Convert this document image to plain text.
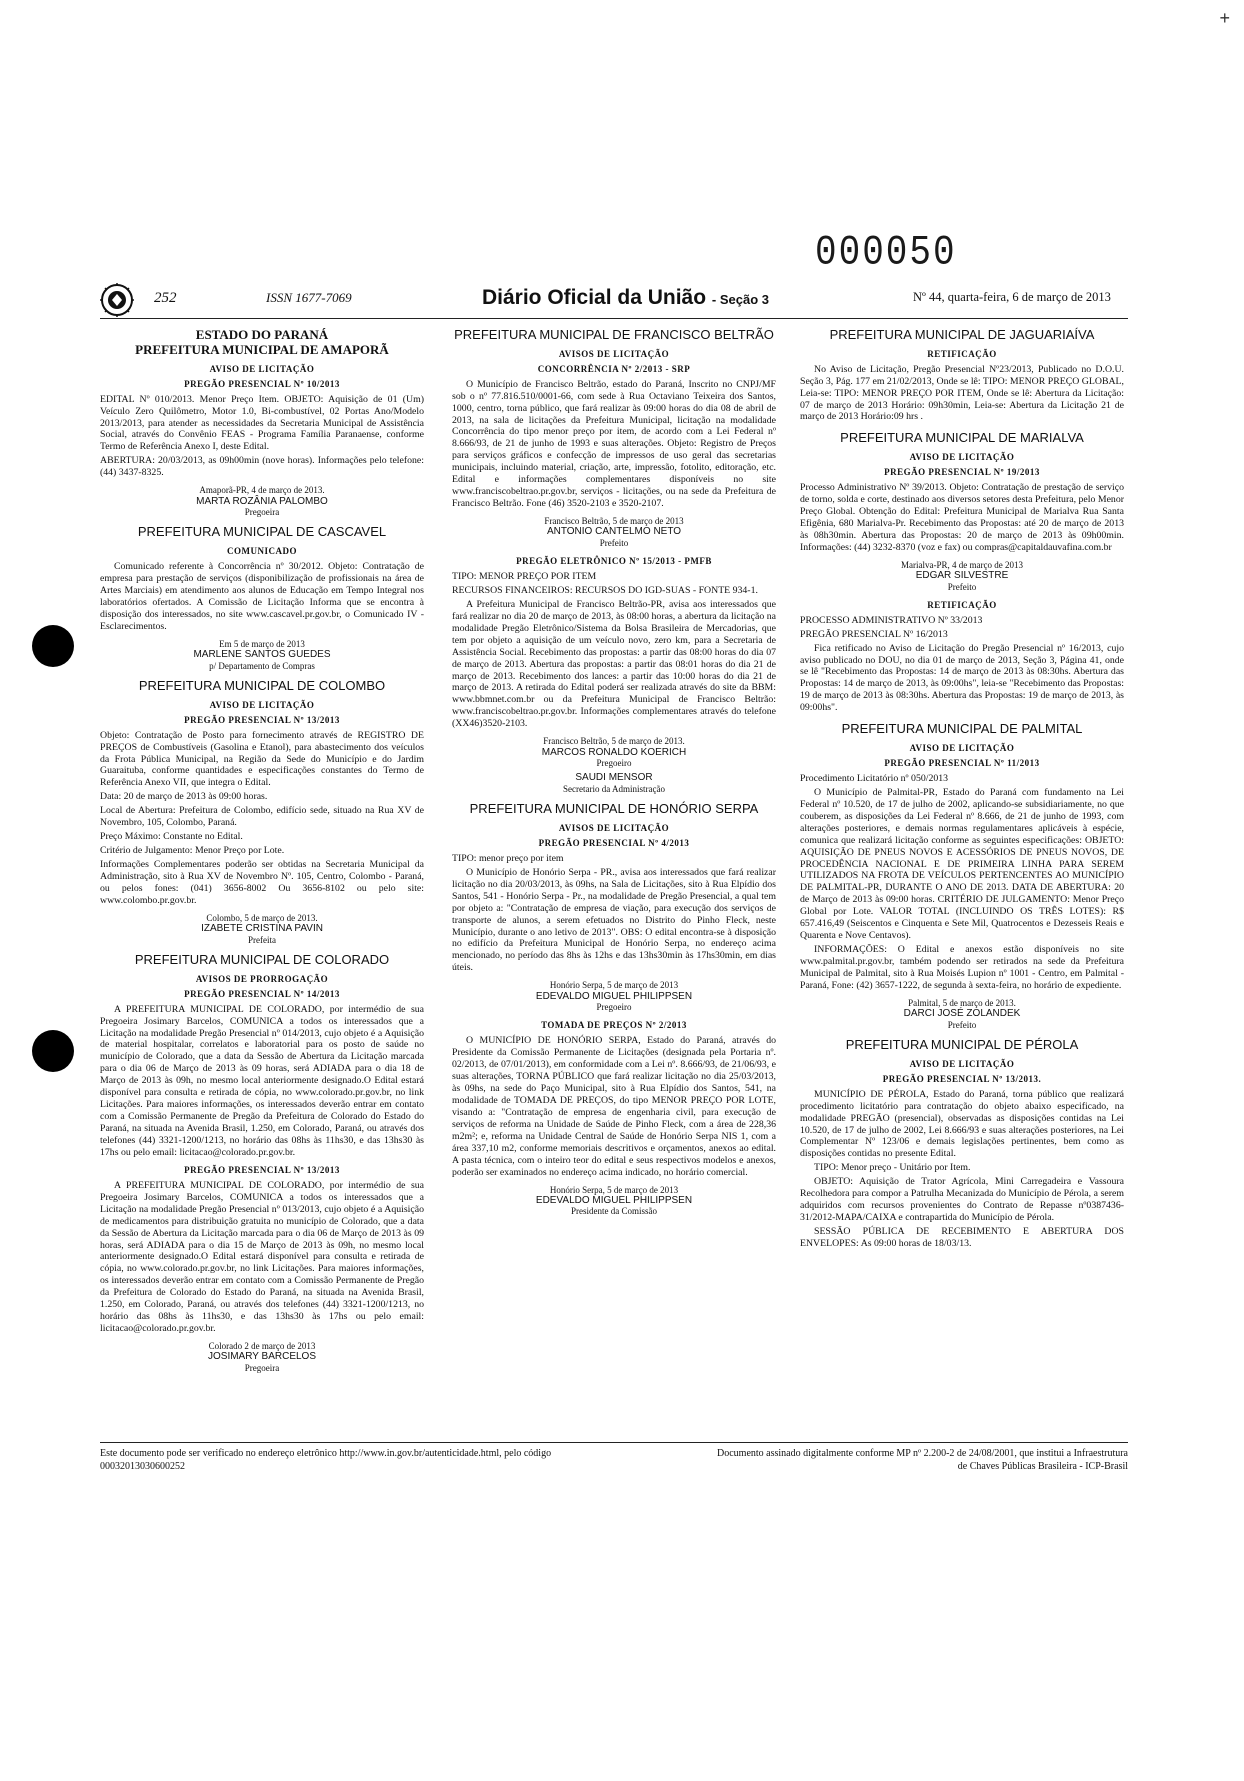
+
000050
252	ISSN 1677-7069	Diário Oficial da União - Seção 3	Nº 44, quarta-feira, 6 de março de 2013
ESTADO DO PARANÁ
PREFEITURA MUNICIPAL DE AMAPORÃ
AVISO DE LICITAÇÃO
PREGÃO PRESENCIAL Nº 10/2013

EDITAL Nº 010/2013. Menor Preço Item. OBJETO: Aquisição de 01 (Um) Veículo Zero Quilômetro, Motor 1.0, Bi-combustível, 02 Portas Ano/Modelo 2013/2013, para atender as necessidades da Secretaria Municipal de Assistência Social, através do Convênio FEAS - Programa Família Paranaense, conforme Termo de Referência Anexo I, deste Edital.

ABERTURA: 20/03/2013, as 09h00min (nove horas). Informações pelo telefone: (44) 3437-8325.

Amaporã-PR, 4 de março de 2013.
MARTA ROZÂNIA PALOMBO
Pregoeira
PREFEITURA MUNICIPAL DE CASCAVEL
COMUNICADO

Comunicado referente à Concorrência nº 30/2012. Objeto: Contratação de empresa para prestação de serviços (disponibilização de profissionais na área de Artes Marciais) em atendimento aos alunos de Educação em Tempo Integral nos laboratórios ofertados. A Comissão de Licitação Informa que se encontra à disposição dos interessados, no site www.cascavel.pr.gov.br, o Comunicado IV - Esclarecimentos.

Em 5 de março de 2013
MARLENE SANTOS GUEDES
p/ Departamento de Compras
PREFEITURA MUNICIPAL DE COLOMBO
AVISO DE LICITAÇÃO
PREGÃO PRESENCIAL Nº 13/2013

Objeto: Contratação de Posto para fornecimento através de REGISTRO DE PREÇOS de Combustíveis (Gasolina e Etanol), para abastecimento dos veículos da Frota Pública Municipal, na Região da Sede do Município e do Jardim Guaraituba, conforme quantidades e especificações constantes do Termo de Referência Anexo VII, que integra o Edital.

Data: 20 de março de 2013 às 09:00 horas.

Local de Abertura: Prefeitura de Colombo, edifício sede, situado na Rua XV de Novembro, 105, Colombo, Paraná.

Preço Máximo: Constante no Edital.

Critério de Julgamento: Menor Preço por Lote.

Informações Complementares poderão ser obtidas na Secretaria Municipal da Administração, sito à Rua XV de Novembro Nº. 105, Centro, Colombo - Paraná, ou pelos fones: (041) 3656-8002 Ou 3656-8102 ou pelo site: www.colombo.pr.gov.br.

Colombo, 5 de março de 2013.
IZABETE CRISTINA PAVIN
Prefeita
PREFEITURA MUNICIPAL DE COLORADO
AVISOS DE PRORROGAÇÃO
PREGÃO PRESENCIAL Nº 14/2013

A PREFEITURA MUNICIPAL DE COLORADO, por intermédio de sua Pregoeira Josimary Barcelos, COMUNICA a todos os interessados que a Licitação na modalidade Pregão Presencial nº 014/2013, cujo objeto é a Aquisição de material hospitalar, correlatos e laboratorial para os posto de saúde no município de Colorado, que a data da Sessão de Abertura da Licitação marcada para o dia 06 de Março de 2013 às 09 horas, será ADIADA para o dia 18 de Março de 2013 às 09h, no mesmo local anteriormente designado.O Edital estará disponível para consulta e retirada de cópia, no www.colorado.pr.gov.br, no link Licitações. Para maiores informações, os interessados deverão entrar em contato com a Comissão Permanente de Pregão da Prefeitura de Colorado do Estado do Paraná, na situada na Avenida Brasil, 1.250, em Colorado, Paraná, ou através dos telefones (44) 3321-1200/1213, no horário das 08hs às 11hs30, e das 13hs30 às 17hs ou pelo email: licitacao@colorado.pr.gov.br.

PREGÃO PRESENCIAL Nº 13/2013

A PREFEITURA MUNICIPAL DE COLORADO, por intermédio de sua Pregoeira Josimary Barcelos, COMUNICA a todos os interessados que a Licitação na modalidade Pregão Presencial nº 013/2013, cujo objeto é a Aquisição de medicamentos para distribuição gratuita no município de Colorado, que a data da Sessão de Abertura da Licitação marcada para o dia 06 de Março de 2013 às 09 horas, será ADIADA para o dia 15 de Março de 2013 às 09h, no mesmo local anteriormente designado.O Edital estará disponível para consulta e retirada de cópia, no www.colorado.pr.gov.br, no link Licitações. Para maiores informações, os interessados deverão entrar em contato com a Comissão Permanente de Pregão da Prefeitura de Colorado do Estado do Paraná, na situada na Avenida Brasil, 1.250, em Colorado, Paraná, ou através dos telefones (44) 3321-1200/1213, no horário das 08hs às 11hs30, e das 13hs30 às 17hs ou pelo email: licitacao@colorado.pr.gov.br.

Colorado 2 de março de 2013
JOSIMARY BARCELOS
Pregoeira
PREFEITURA MUNICIPAL DE FRANCISCO BELTRÃO
AVISOS DE LICITAÇÃO
CONCORRÊNCIA Nº 2/2013 - SRP

O Município de Francisco Beltrão, estado do Paraná, Inscrito no CNPJ/MF sob o nº 77.816.510/0001-66, com sede à Rua Octaviano Teixeira dos Santos, 1000, centro, torna público, que fará realizar às 09:00 horas do dia 08 de abril de 2013, na sala de licitações da Prefeitura Municipal, licitação na modalidade Concorrência do tipo menor preço por item, de acordo com a Lei Federal nº 8.666/93, de 21 de junho de 1993 e suas alterações. Objeto: Registro de Preços para serviços gráficos e confecção de impressos de uso geral das secretarias municipais, incluindo material, criação, arte, impressão, fotolito, editoração, etc. Edital e informações complementares disponíveis no site www.franciscobeltrao.pr.gov.br, serviços - licitações, ou na sede da Prefeitura de Francisco Beltrão. Fone (46) 3520-2103 e 3520-2107.

Francisco Beltrão, 5 de março de 2013
ANTONIO CANTELMO NETO
Prefeito
PREGÃO ELETRÔNICO Nº 15/2013 - PMFB

TIPO: MENOR PREÇO POR ITEM

RECURSOS FINANCEIROS: RECURSOS DO IGD-SUAS - FONTE 934-1.

A Prefeitura Municipal de Francisco Beltrão-PR, avisa aos interessados que fará realizar no dia 20 de março de 2013, às 08:00 horas, a abertura da licitação na modalidade Pregão Eletrônico/Sistema da Bolsa Brasileira de Mercadorias, que tem por objeto a aquisição de um veículo novo, zero km, para a Secretaria de Assistência Social. Recebimento das propostas: a partir das 08:00 horas do dia 07 de março de 2013. Abertura das propostas: a partir das 08:01 horas do dia 21 de março de 2013. Recebimento dos lances: a partir das 10:00 horas do dia 21 de março de 2013. A retirada do Edital poderá ser realizada através do site da BBM: www.bbmnet.com.br ou da Prefeitura Municipal de Francisco Beltrão: www.franciscobeltrao.pr.gov.br. Informações complementares através do telefone (XX46)3520-2103.

Francisco Beltrão, 5 de março de 2013.
MARCOS RONALDO KOERICH
Pregoeiro
SAUDI MENSOR
Secretario da Administração
PREFEITURA MUNICIPAL DE HONÓRIO SERPA
AVISOS DE LICITAÇÃO
PREGÃO PRESENCIAL Nº 4/2013

TIPO: menor preço por item

O Município de Honório Serpa - PR., avisa aos interessados que fará realizar licitação no dia 20/03/2013, às 09hs, na Sala de Licitações, sito à Rua Elpídio dos Santos, 541 - Honório Serpa - Pr., na modalidade de Pregão Presencial, a qual tem por objeto a: "Contratação de empresa de viação, para execução dos serviços de transporte de alunos, a serem efetuados no Distrito do Pinho Fleck, neste Município, durante o ano letivo de 2013". OBS: O edital encontra-se à disposição no edifício da Prefeitura Municipal de Honório Serpa, no endereço acima mencionado, no período das 8hs às 12hs e das 13hs30min às 17hs30min, em dias úteis.

Honório Serpa, 5 de março de 2013
EDEVALDO MIGUEL PHILIPPSEN
Pregoeiro
TOMADA DE PREÇOS Nº 2/2013

O MUNICÍPIO DE HONÓRIO SERPA, Estado do Paraná, através do Presidente da Comissão Permanente de Licitações (designada pela Portaria nº. 02/2013, de 07/01/2013), em conformidade com a Lei nº. 8.666/93, de 21/06/93, e suas alterações, TORNA PÚBLICO que fará realizar licitação no dia 25/03/2013, às 09hs, na sede do Paço Municipal, sito à Rua Elpídio dos Santos, 541, na modalidade de TOMADA DE PREÇOS, do tipo MENOR PREÇO POR LOTE, visando a: "Contratação de empresa de engenharia civil, para execução de serviços de reforma na Unidade de Saúde de Pinho Fleck, com a área de 228,36 m2m²; e, reforma na Unidade Central de Saúde de Honório Serpa NIS 1, com a área 337,10 m2, conforme memoriais descritivos e orçamentos, anexos ao edital. A pasta técnica, com o inteiro teor do edital e seus respectivos modelos e anexos, poderão ser examinados no endereço acima indicado, no horário comercial.

Honório Serpa, 5 de março de 2013
EDEVALDO MIGUEL PHILIPPSEN
Presidente da Comissão
PREFEITURA MUNICIPAL DE JAGUARIAÍVA
RETIFICAÇÃO

No Aviso de Licitação, Pregão Presencial Nº23/2013, Publicado no D.O.U. Seção 3, Pág. 177 em 21/02/2013, Onde se lê: TIPO: MENOR PREÇO GLOBAL, Leia-se: TIPO: MENOR PREÇO POR ITEM, Onde se lê: Abertura da Licitação: 07 de março de 2013 Horário: 09h30min, Leia-se: Abertura da Licitação 21 de março de 2013 Horário:09 hrs .

PREFEITURA MUNICIPAL DE MARIALVA
AVISO DE LICITAÇÃO
PREGÃO PRESENCIAL Nº 19/2013

Processo Administrativo Nº 39/2013. Objeto: Contratação de prestação de serviço de torno, solda e corte, destinado aos diversos setores desta Prefeitura, pelo Menor Preço Global. Obtenção do Edital: Prefeitura Municipal de Marialva Rua Santa Efigênia, 680 Marialva-Pr. Recebimento das Propostas: até 20 de março de 2013 às 08h30min. Abertura das Propostas: 20 de março de 2013 às 09h00min. Informações: (44) 3232-8370 (voz e fax) ou compras@capitaldauvafina.com.br

Marialva-PR, 4 de março de 2013
EDGAR SILVESTRE
Prefeito
RETIFICAÇÃO

PROCESSO ADMINISTRATIVO Nº 33/2013

PREGÃO PRESENCIAL Nº 16/2013

Fica retificado no Aviso de Licitação do Pregão Presencial nº 16/2013, cujo aviso publicado no DOU, no dia 01 de março de 2013, Seção 3, Página 41, onde se lê "Recebimento das Propostas: 14 de março de 2013 às 08:30hs. Abertura das Propostas: 14 de março de 2013, às 09:00hs", leia-se "Recebimento das Propostas: 19 de março de 2013 às 08:30hs. Abertura das Propostas: 19 de março de 2013, às 09:00hs".

PREFEITURA MUNICIPAL DE PALMITAL
AVISO DE LICITAÇÃO
PREGÃO PRESENCIAL Nº 11/2013

Procedimento Licitatório nº 050/2013

O Município de Palmital-PR, Estado do Paraná com fundamento na Lei Federal nº 10.520, de 17 de julho de 2002, aplicando-se subsidiariamente, no que couberem, as disposições da Lei Federal nº 8.666, de 21 de junho de 1993, com alterações posteriores, e demais normas regulamentares aplicáveis à espécie, comunica que realizará licitação conforme as seguintes especificações: OBJETO: AQUISIÇÃO DE PNEUS NOVOS E ACESSÓRIOS DE PNEUS NOVOS, DE PROCEDÊNCIA NACIONAL E DE PRIMEIRA LINHA PARA SEREM UTILIZADOS NA FROTA DE VEÍCULOS PERTENCENTES AO MUNICÍPIO DE PALMITAL-PR, DURANTE O ANO DE 2013. DATA DE ABERTURA: 20 de Março de 2013 às 09:00 horas. CRITÉRIO DE JULGAMENTO: Menor Preço Global por Lote. VALOR TOTAL (INCLUINDO OS TRÊS LOTES): R$ 657.416,49 (Seiscentos e Cinquenta e Sete Mil, Quatrocentos e Dezesseis Reais e Quarenta e Nove Centavos).

INFORMAÇÕES: O Edital e anexos estão disponíveis no site www.palmital.pr.gov.br, também podendo ser retirados na sede da Prefeitura Municipal de Palmital, sito à Rua Moisés Lupion nº 1001 - Centro, em Palmital - Paraná, Fone: (42) 3657-1222, de segunda à sexta-feira, no horário de expediente.

Palmital, 5 de março de 2013.
DARCI JOSÉ ZOLANDEK
Prefeito
PREFEITURA MUNICIPAL DE PÉROLA
AVISO DE LICITAÇÃO
PREGÃO PRESENCIAL Nº 13/2013.

MUNICÍPIO DE PÉROLA, Estado do Paraná, torna público que realizará procedimento licitatório para contratação do objeto abaixo especificado, na modalidade PREGÃO (presencial), observadas as disposições contidas na Lei 10.520, de 17 de julho de 2002, Lei 8.666/93 e suas alterações posteriores, na Lei Complementar Nº 123/06 e demais legislações pertinentes, bem como as disposições contidas no presente Edital.

TIPO: Menor preço - Unitário por Item.

OBJETO: Aquisição de Trator Agrícola, Mini Carregadeira e Vassoura Recolhedora para compor a Patrulha Mecanizada do Município de Pérola, a serem adquiridos com recursos provenientes do Contrato de Repasse nº0387436-31/2012-MAPA/CAIXA e contrapartida do Município de Pérola.

SESSÃO PÚBLICA DE RECEBIMENTO E ABERTURA DOS ENVELOPES: As 09:00 horas de 18/03/13.

Este documento pode ser verificado no endereço eletrônico http://www.in.gov.br/autenticidade.html, pelo código 00032013030600252
Documento assinado digitalmente conforme MP nº 2.200-2 de 24/08/2001, que institui a Infraestrutura de Chaves Públicas Brasileira - ICP-Brasil
